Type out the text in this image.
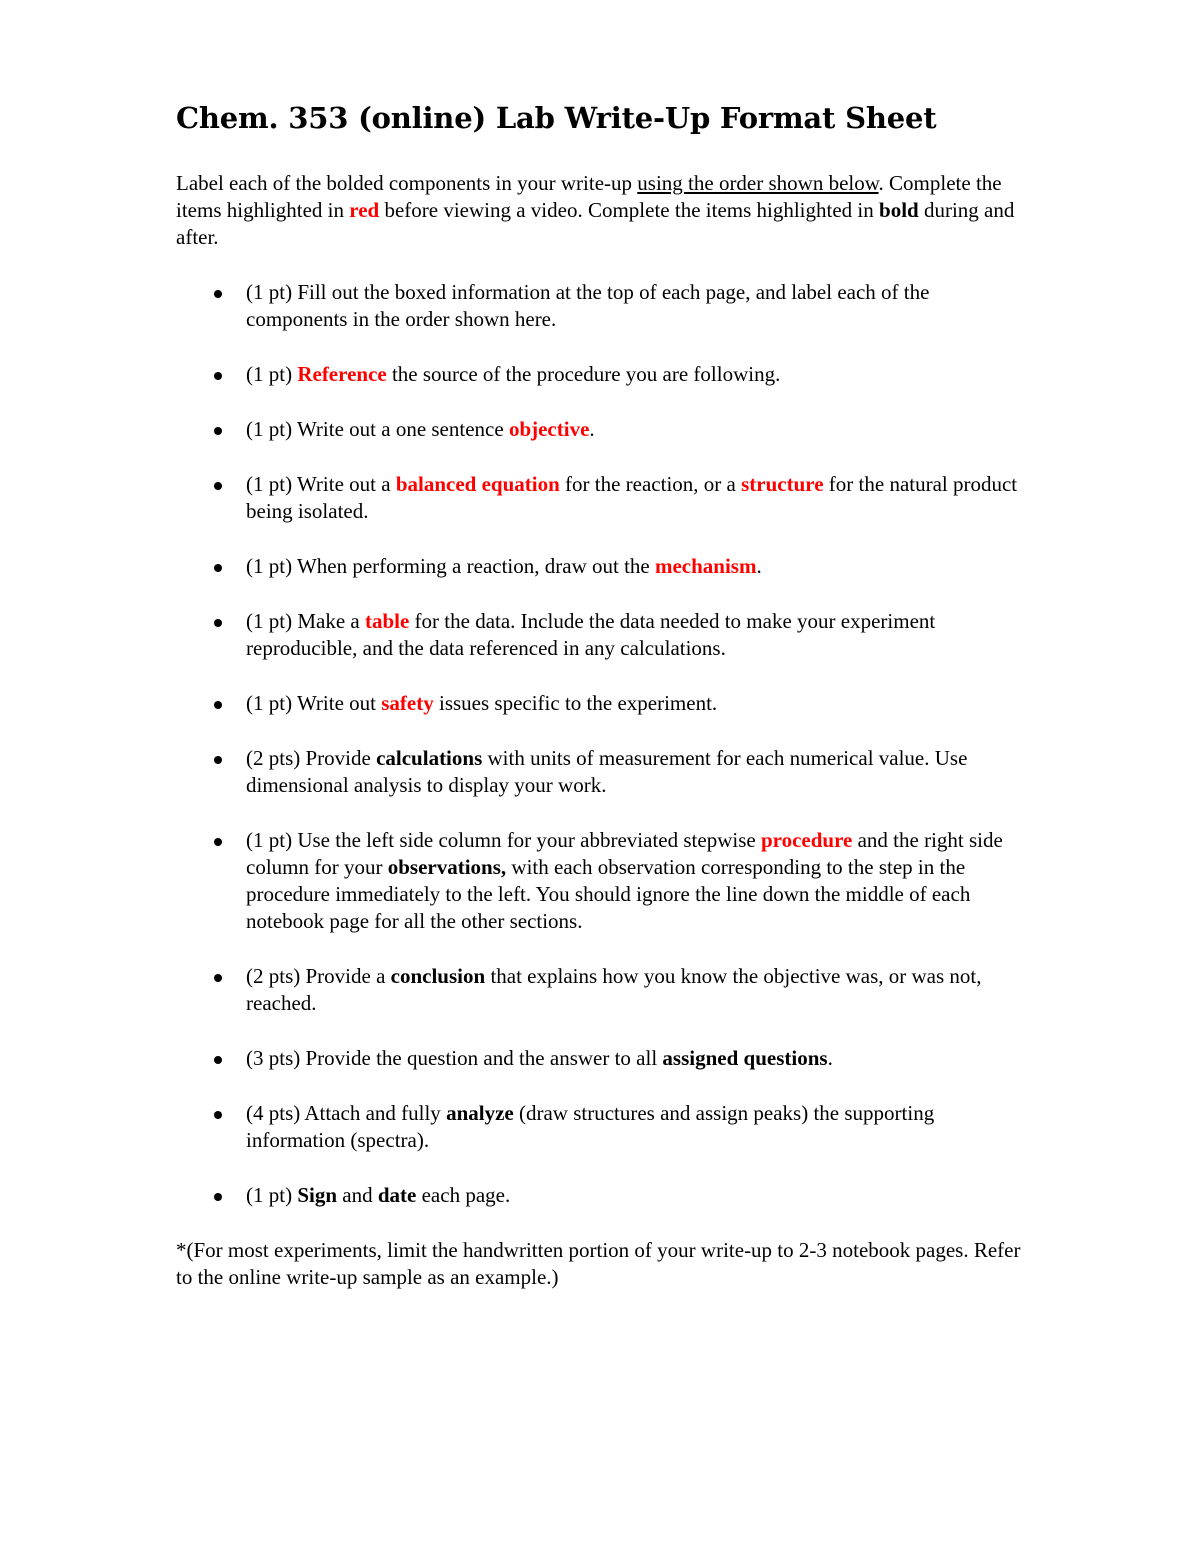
Chem. 353 (online) Lab Write-Up Format Sheet

Label each of the bolded components in your write-up using the order shown below. Complete the items highlighted in red before viewing a video. Complete the items highlighted in bold during and after.

(1 pt) Fill out the boxed information at the top of each page, and label each of the components in the order shown here.
(1 pt) Reference the source of the procedure you are following.
(1 pt) Write out a one sentence objective.
(1 pt) Write out a balanced equation for the reaction, or a structure for the natural product being isolated.
(1 pt) When performing a reaction, draw out the mechanism.
(1 pt) Make a table for the data. Include the data needed to make your experiment reproducible, and the data referenced in any calculations.
(1 pt) Write out safety issues specific to the experiment.
(2 pts) Provide calculations with units of measurement for each numerical value. Use dimensional analysis to display your work.
(1 pt) Use the left side column for your abbreviated stepwise procedure and the right side column for your observations, with each observation corresponding to the step in the procedure immediately to the left. You should ignore the line down the middle of each notebook page for all the other sections.
(2 pts) Provide a conclusion that explains how you know the objective was, or was not, reached.
(3 pts) Provide the question and the answer to all assigned questions.
(4 pts) Attach and fully analyze (draw structures and assign peaks) the supporting information (spectra).
(1 pt) Sign and date each page.

*(For most experiments, limit the handwritten portion of your write-up to 2-3 notebook pages. Refer to the online write-up sample as an example.)
